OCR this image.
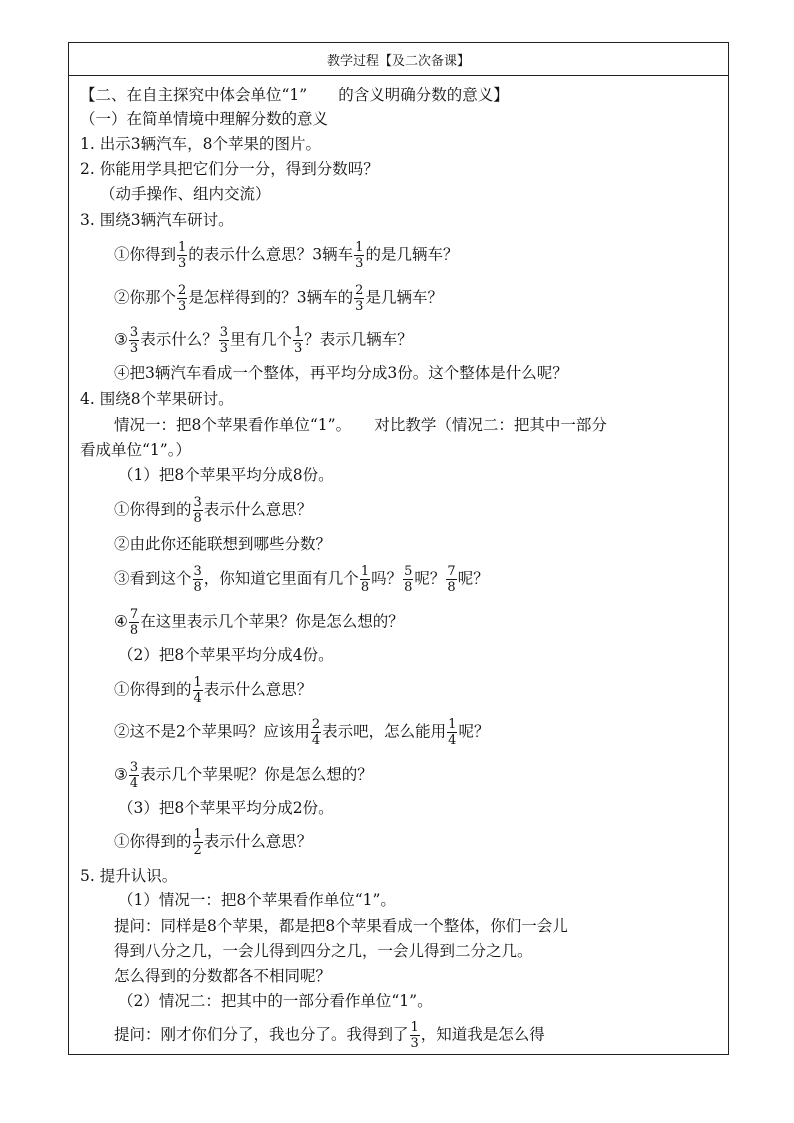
教学过程【及二次备课】
【二、在自主探究中体会单位“1”　　的含义明确分数的意义】
（一）在简单情境中理解分数的意义
1. 出示3辆汽车，8个苹果的图片。
2. 你能用学具把它们分一分，得到分数吗？
（动手操作、组内交流）
3. 围绕3辆汽车研讨。
①你得到 $\frac{1}{3}$ 的表示什么意思？3辆车 $\frac{1}{3}$ 的是几辆车？
②你那个 $\frac{2}{3}$ 是怎样得到的？3辆车的 $\frac{2}{3}$ 是几辆车？
③ $\frac{3}{3}$ 表示什么？ $\frac{3}{3}$ 里有几个 $\frac{1}{3}$ ？表示几辆车？
④把3辆汽车看成一个整体，再平均分成3份。这个整体是什么呢？
4. 围绕8个苹果研讨。
情况一：把8个苹果看作单位“1”。　　对比教学（情况二：把其中一部分
看成单位“1”。）
（1）把8个苹果平均分成8份。
①你得到的 $\frac{3}{8}$ 表示什么意思？
②由此你还能联想到哪些分数？
③看到这个 $\frac{3}{8}$ ，你知道它里面有几个 $\frac{1}{8}$ 吗？ $\frac{5}{8}$ 呢？ $\frac{7}{8}$ 呢？
④ $\frac{7}{8}$ 在这里表示几个苹果？你是怎么想的？
（2）把8个苹果平均分成4份。
①你得到的 $\frac{1}{4}$ 表示什么意思？
②这不是2个苹果吗？应该用 $\frac{2}{4}$ 表示吧，怎么能用 $\frac{1}{4}$ 呢？
③ $\frac{3}{4}$ 表示几个苹果呢？你是怎么想的？
（3）把8个苹果平均分成2份。
①你得到的 $\frac{1}{2}$ 表示什么意思？
5. 提升认识。
（1）情况一：把8个苹果看作单位“1”。
提问：同样是8个苹果，都是把8个苹果看成一个整体，你们一会儿
得到八分之几，一会儿得到四分之几，一会儿得到二分之几。
怎么得到的分数都各不相同呢？
（2）情况二：把其中的一部分看作单位“1”。
提问：刚才你们分了，我也分了。我得到了 $\frac{1}{3}$ ，知道我是怎么得
